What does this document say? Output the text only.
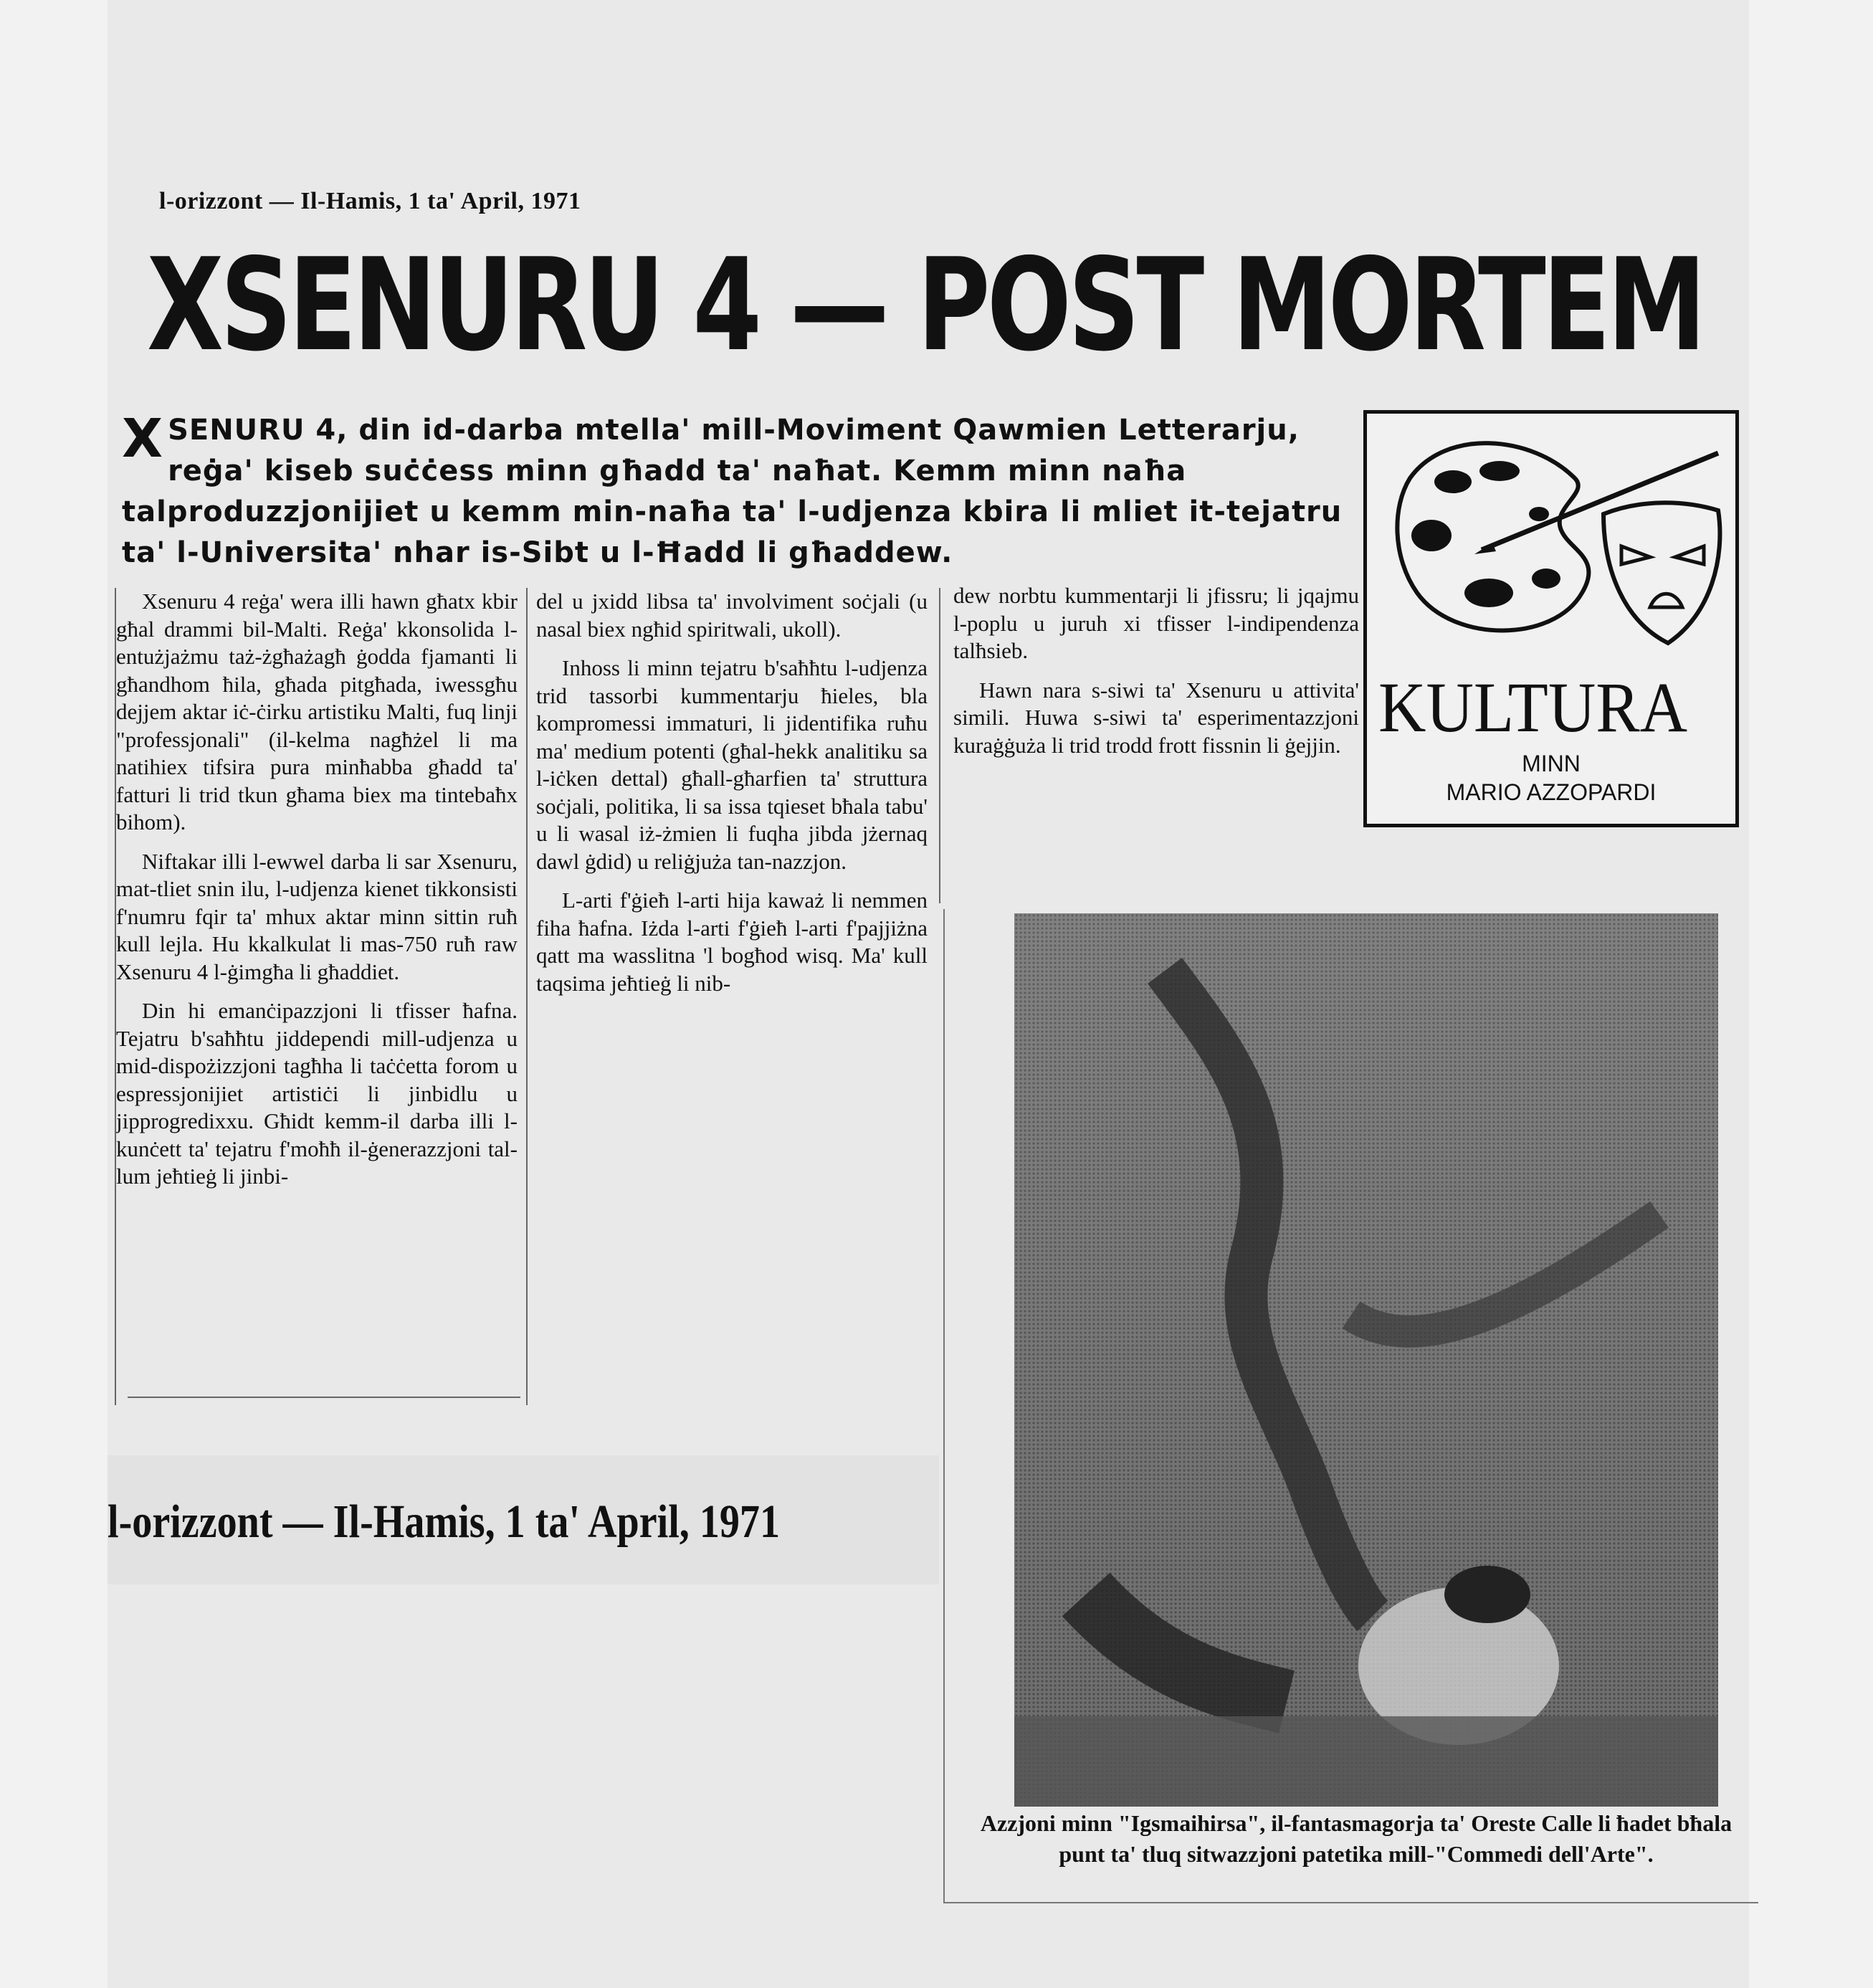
l-orizzont — Il-Hamis, 1 ta' April, 1971
XSENURU 4 — POST MORTEM
XSENURU 4, din id-darba mtella' mill-Moviment Qawmien Letterarju, reġa' kiseb suċċess minn għadd ta' naħat. Kemm minn naħa talproduzzjonijiet u kemm min-naħa ta' l-udjenza kbira li mliet it-tejatru ta' l-Universita' nhar is-Sibt u l-Ħadd li għaddew.

Xsenuru 4 reġa' wera illi hawn għatx kbir għal drammi bil-Malti. Reġa' kkonsolida l-entużjażmu taż-żgħażagħ ġodda fjamanti li għandhom ħila, għada pitgħada, iwessgħu dejjem aktar iċ-ċirku artistiku Malti, fuq linji "professjonali" (il-kelma nagħżel li ma natihiex tifsira pura minħabba għadd ta' fatturi li trid tkun għama biex ma tintebaħx bihom).

Niftakar illi l-ewwel darba li sar Xsenuru, mat-tliet snin ilu, l-udjenza kienet tikkonsisti f'numru fqir ta' mhux aktar minn sittin ruħ kull lejla. Hu kkalkulat li mas-750 ruħ raw Xsenuru 4 l-ġimgħa li għaddiet.

Din hi emanċipazzjoni li tfisser ħafna. Tejatru b'saħħtu jiddependi mill-udjenza u mid-dispożizzjoni tagħha li taċċetta forom u espressjonijiet artistiċi li jinbidlu u jipprogredixxu. Għidt kemm-il darba illi l-kunċett ta' tejatru f'moħħ il-ġenerazzjoni tal-lum jeħtieġ li jinbi-

del u jxidd libsa ta' involviment soċjali (u nasal biex ngħid spiritwali, ukoll).

Inhoss li minn tejatru b'saħħtu l-udjenza trid tassorbi kummentarju ħieles, bla kompromessi immaturi, li jidentifika ruħu ma' medium potenti (għal-hekk analitiku sa l-iċken dettal) għall-għarfien ta' struttura soċjali, politika, li sa issa tqieset bħala tabu' u li wasal iż-żmien li fuqha jibda jżernaq dawl ġdid) u reliġjuża tan-nazzjon.

L-arti f'ġieħ l-arti hija kaważ li nemmen fiha ħafna. Iżda l-arti f'ġieħ l-arti f'pajjiżna qatt ma wasslitna 'l bogħod wisq. Ma' kull taqsima jeħtieġ li nib-

dew norbtu kummentarji li jfissru; li jqajmu l-poplu u juruh xi tfisser l-indipendenza talħsieb.

Hawn nara s-siwi ta' Xsenuru u attivita' simili. Huwa s-siwi ta' esperimentazzjoni kuraġġuża li trid trodd frott fissnin li ġejjin. KULTURA
MINN
MARIO AZZOPARDI
Azzjoni minn "Igsmaihirsa", il-fantasmagorja ta' Oreste Calle li ħadet bħala punt ta' tluq sitwazzjoni patetika mill-"Commedi dell'Arte".
l-orizzont — Il-Hamis, 1 ta' April, 1971
